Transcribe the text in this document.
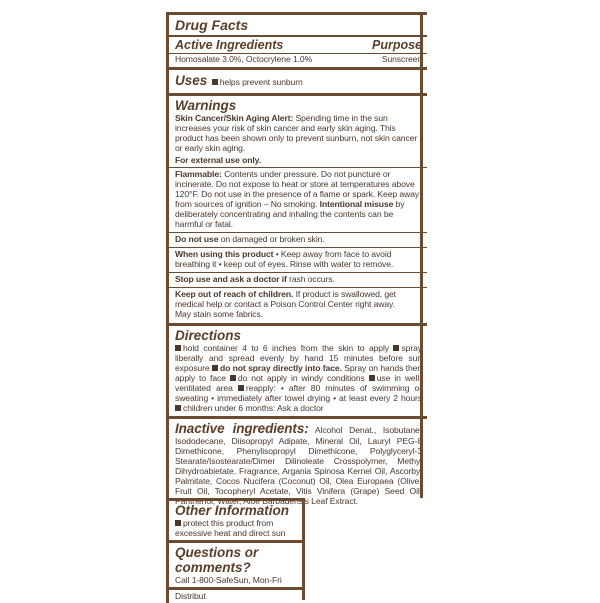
Drug Facts
Active Ingredients	Purpose
Homosalate 3.0%, Octocrylene 1.0%	Sunscreen
Uses helps prevent sunburn
Warnings
Skin Cancer/Skin Aging Alert: Spending time in the sun increases your risk of skin cancer and early skin aging. This product has been shown only to prevent sunburn, not skin cancer or early skin aging.
For external use only.
Flammable: Contents under pressure. Do not puncture or incinerate. Do not expose to heat or store at temperatures above 120°F. Do not use in the presence of a flame or spark. Keep away from sources of ignition – No smoking. Intentional misuse by deliberately concentrating and inhaling the contents can be harmful or fatal.
Do not use on damaged or broken skin.
When using this product • Keep away from face to avoid breathing it • keep out of eyes. Rinse with water to remove.
Stop use and ask a doctor if rash occurs.
Keep out of reach of children. If product is swallowed, get medical help or contact a Poison Control Center right away.
May stain some fabrics.
Directions
hold container 4 to 6 inches from the skin to apply spray liberally and spread evenly by hand 15 minutes before sun exposure do not spray directly into face. Spray on hands then apply to face do not apply in windy conditions use in well-ventilated area reapply: • after 80 minutes of swimming or sweating • immediately after towel drying • at least every 2 hours children under 6 months: Ask a doctor
Inactive ingredients: Alcohol Denat., Isobutane, Isododecane, Diisopropyl Adipate, Mineral Oil, Lauryl PEG-8 Dimethicone, Phenylisopropyl Dimethicone, Polyglyceryl-3 Stearate/Isostearate/Dimer Dilinoleate Crosspolymer, Methyl Dihydroabietate, Fragrance, Argania Spinosa Kernel Oil, Ascorbyl Palmitate, Cocos Nucifera (Coconut) Oil, Olea Europaea (Olive) Fruit Oil, Tocopheryl Acetate, Vitis Vinifera (Grape) Seed Oil, Panthenol, Water, Aloe Barbadensis Leaf Extract.
Other Information
protect this product from excessive heat and direct sun
Questions or comments?
Call 1-800-SafeSun, Mon-Fri
Distribut
